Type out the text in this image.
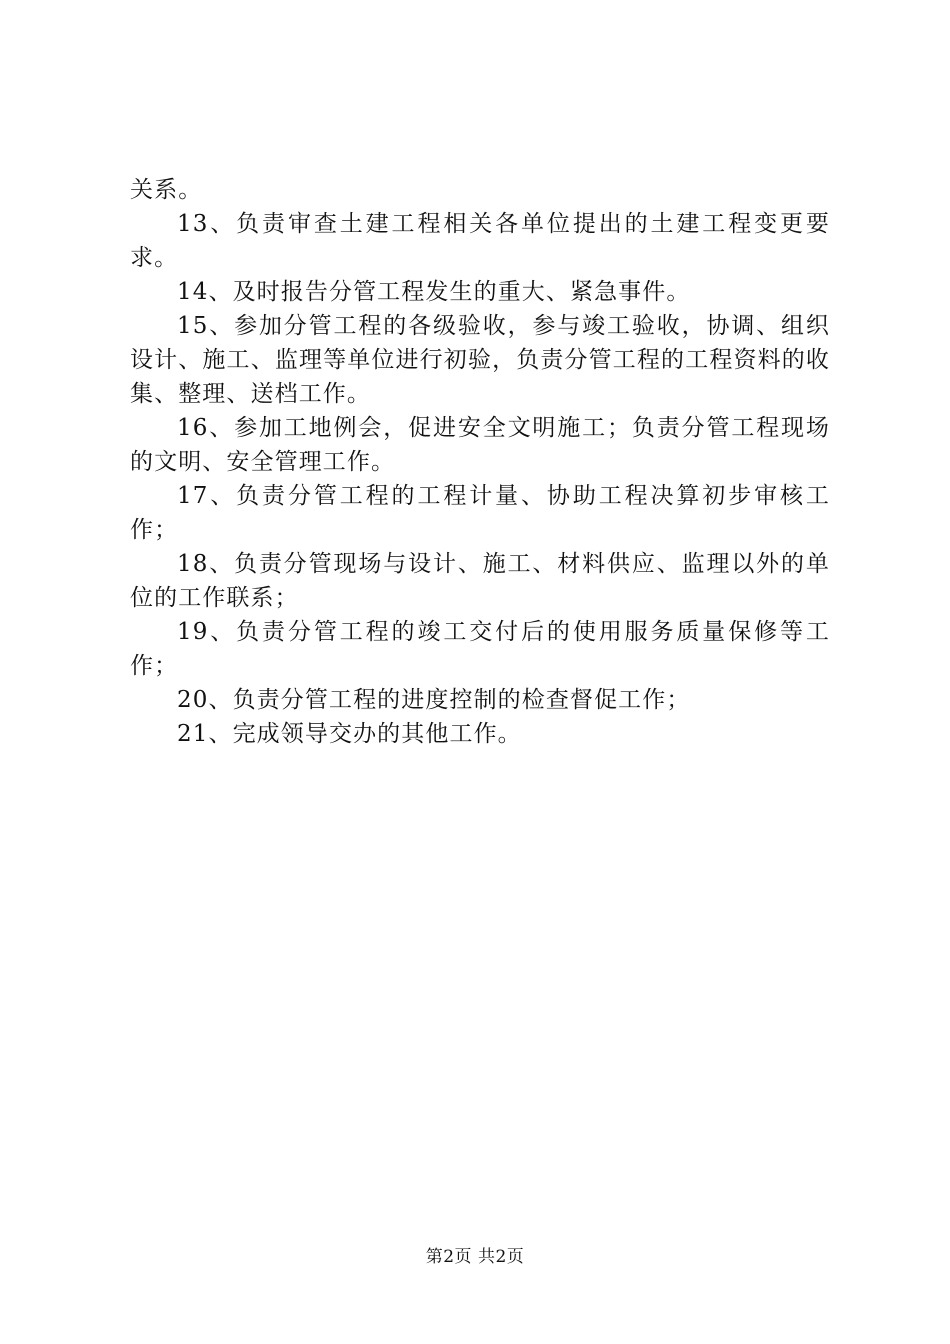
关系。

13、负责审查土建工程相关各单位提出的土建工程变更要求。

14、及时报告分管工程发生的重大、紧急事件。

15、参加分管工程的各级验收，参与竣工验收，协调、组织设计、施工、监理等单位进行初验，负责分管工程的工程资料的收集、整理、送档工作。

16、参加工地例会，促进安全文明施工；负责分管工程现场的文明、安全管理工作。

17、负责分管工程的工程计量、协助工程决算初步审核工作；

18、负责分管现场与设计、施工、材料供应、监理以外的单位的工作联系；

19、负责分管工程的竣工交付后的使用服务质量保修等工作；

20、负责分管工程的进度控制的检查督促工作；

21、完成领导交办的其他工作。

第2页 共2页
